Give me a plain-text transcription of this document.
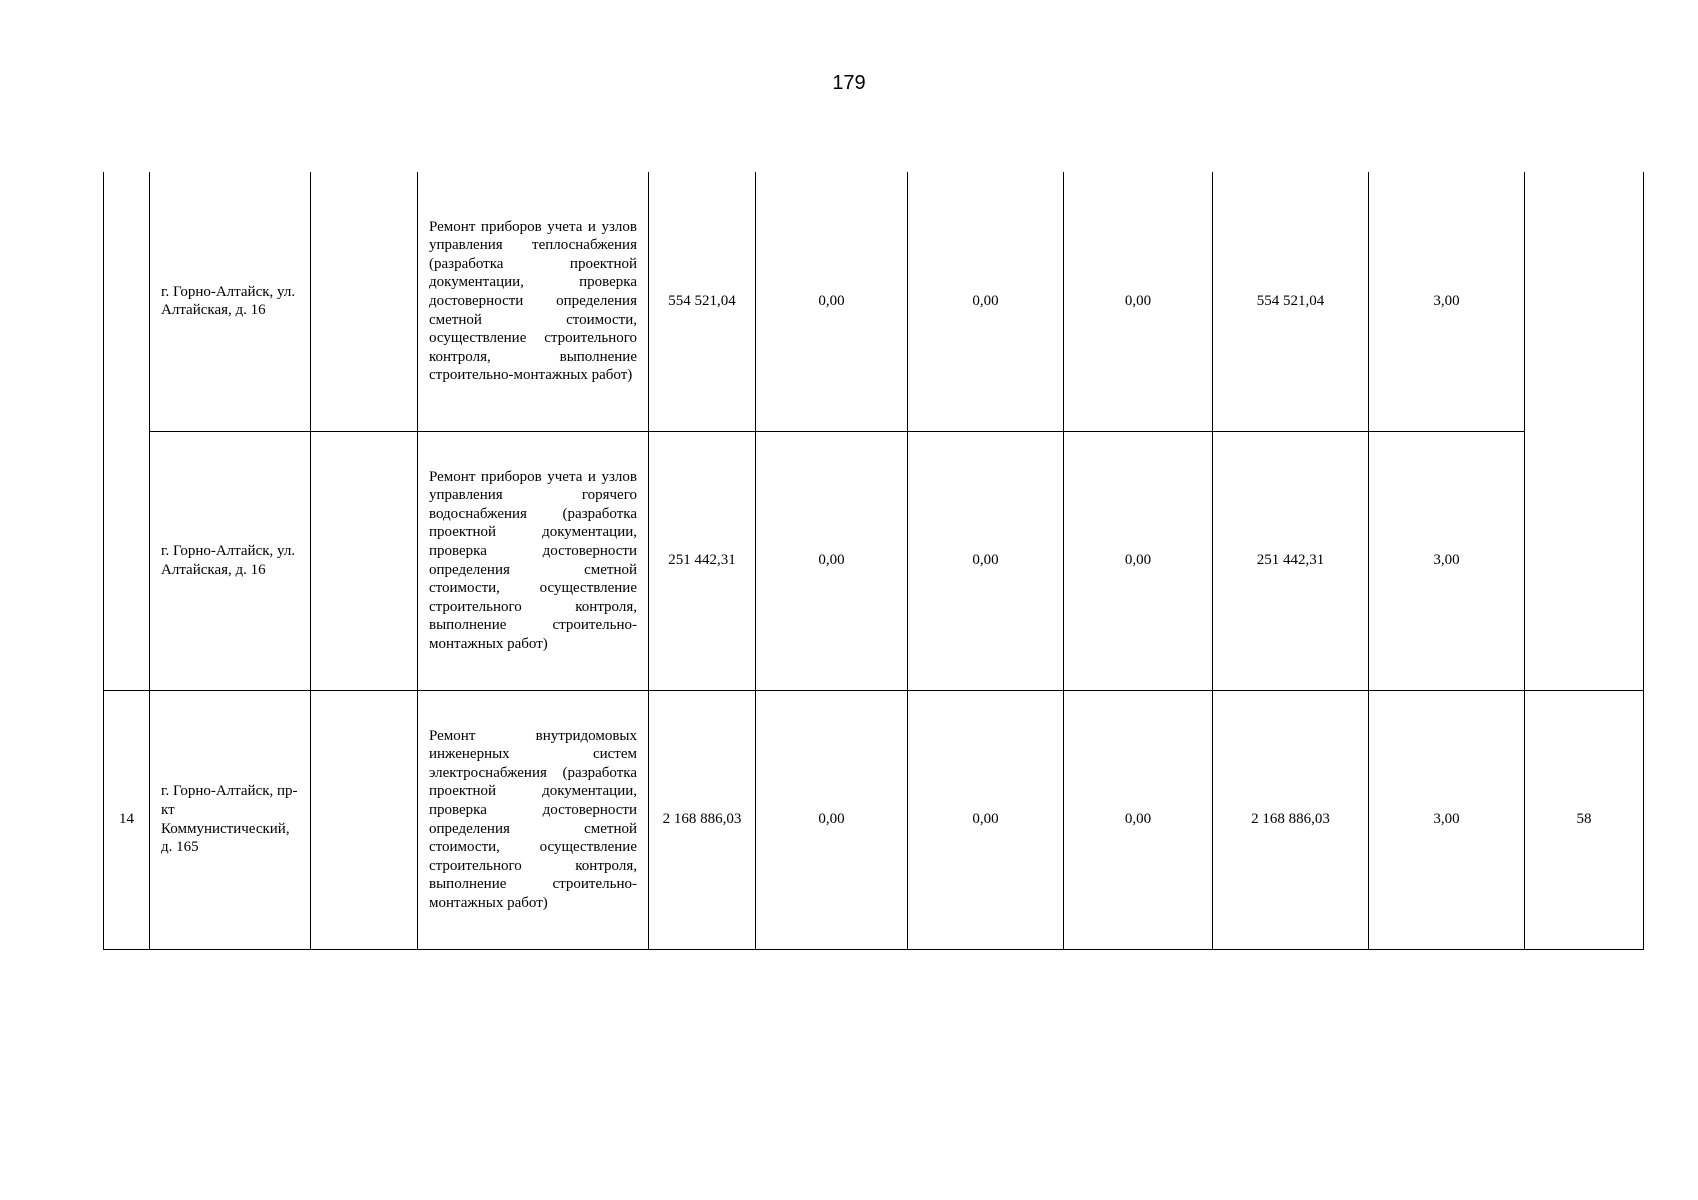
179
	г. Горно-Алтайск, ул. Алтайская, д. 16		Ремонт приборов учета и узлов управления теплоснабжения (разработка проектной документации, проверка достоверности определения сметной стоимости, осуществление строительного контроля, выполнение строительно-монтажных работ)	554 521,04	0,00	0,00	0,00	554 521,04	3,00	
	г. Горно-Алтайск, ул. Алтайская, д. 16		Ремонт приборов учета и узлов управления горячего водоснабжения (разработка проектной документации, проверка достоверности определения сметной стоимости, осуществление строительного контроля, выполнение строительно-монтажных работ)	251 442,31	0,00	0,00	0,00	251 442,31	3,00	
14	г. Горно-Алтайск, пр-кт Коммунистический, д. 165		Ремонт внутридомовых инженерных систем электроснабжения (разработка проектной документации, проверка достоверности определения сметной стоимости, осуществление строительного контроля, выполнение строительно-монтажных работ)	2 168 886,03	0,00	0,00	0,00	2 168 886,03	3,00	58
